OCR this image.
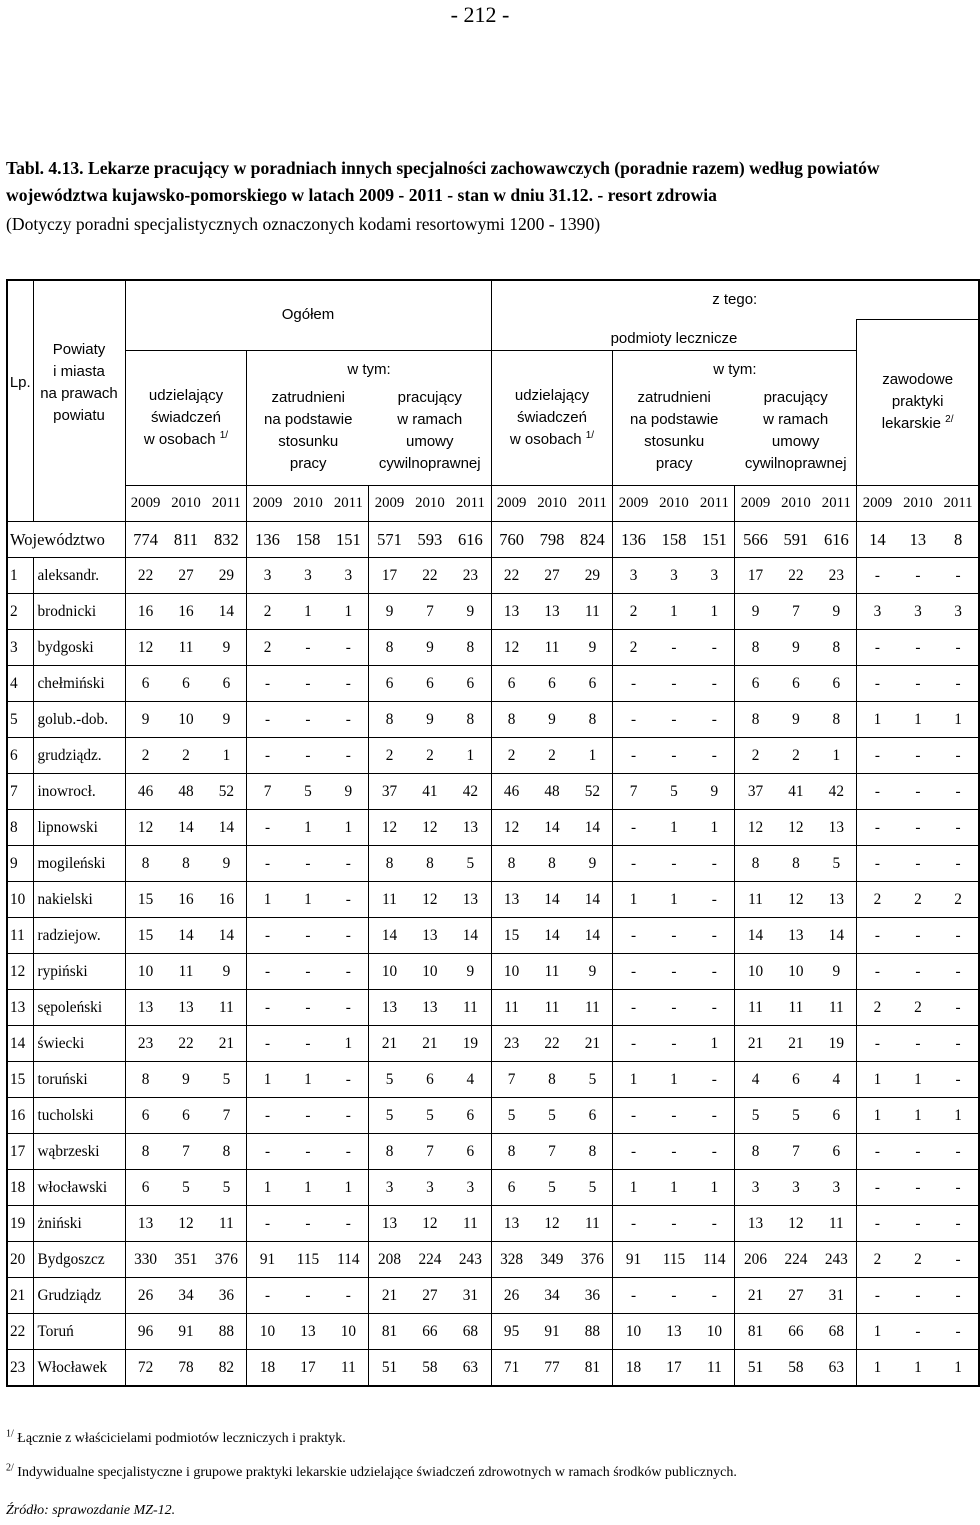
- 212 -
Tabl. 4.13. Lekarze pracujący w poradniach innych specjalności zachowawczych (poradnie razem) według powiatów województwa kujawsko-pomorskiego w latach 2009 - 2011 - stan w dniu 31.12. - resort zdrowia
(Dotyczy poradni specjalistycznych oznaczonych kodami resortowymi 1200 - 1390)
Lp.	
Powiaty
i miasta
na prawach
powiatu
	Ogółem	z tego:
podmioty lecznicze	
zawodowe
praktyki
lekarskie $^{2/}$

udzielający
świadczeń
w osobach $^{1/}$

w tym:
zatrudnieni
na podstawie
stosunku
pracy

pracujący
w ramach
umowy
cywilnoprawnej

udzielający
świadczeń
w osobach $^{1/}$

w tym:
zatrudnieni
na podstawie
stosunku
pracy

pracujący
w ramach
umowy
cywilnoprawnej

		2009	2010	2011	2009	2010	2011	2009	2010	2011	2009	2010	2011	2009	2010	2011	2009	2010	2011	2009	2010	2011
Województwo	774	811	832	136	158	151	571	593	616	760	798	824	136	158	151	566	591	616	14	13	8
1	aleksandr.	22	27	29	3	3	3	17	22	23	22	27	29	3	3	3	17	22	23	-	-	-
2	brodnicki	16	16	14	2	1	1	9	7	9	13	13	11	2	1	1	9	7	9	3	3	3
3	bydgoski	12	11	9	2	-	-	8	9	8	12	11	9	2	-	-	8	9	8	-	-	-
4	chełmiński	6	6	6	-	-	-	6	6	6	6	6	6	-	-	-	6	6	6	-	-	-
5	golub.-dob.	9	10	9	-	-	-	8	9	8	8	9	8	-	-	-	8	9	8	1	1	1
6	grudziądz.	2	2	1	-	-	-	2	2	1	2	2	1	-	-	-	2	2	1	-	-	-
7	inowrocł.	46	48	52	7	5	9	37	41	42	46	48	52	7	5	9	37	41	42	-	-	-
8	lipnowski	12	14	14	-	1	1	12	12	13	12	14	14	-	1	1	12	12	13	-	-	-
9	mogileński	8	8	9	-	-	-	8	8	5	8	8	9	-	-	-	8	8	5	-	-	-
10	nakielski	15	16	16	1	1	-	11	12	13	13	14	14	1	1	-	11	12	13	2	2	2
11	radziejow.	15	14	14	-	-	-	14	13	14	15	14	14	-	-	-	14	13	14	-	-	-
12	rypiński	10	11	9	-	-	-	10	10	9	10	11	9	-	-	-	10	10	9	-	-	-
13	sępoleński	13	13	11	-	-	-	13	13	11	11	11	11	-	-	-	11	11	11	2	2	-
14	świecki	23	22	21	-	-	1	21	21	19	23	22	21	-	-	1	21	21	19	-	-	-
15	toruński	8	9	5	1	1	-	5	6	4	7	8	5	1	1	-	4	6	4	1	1	-
16	tucholski	6	6	7	-	-	-	5	5	6	5	5	6	-	-	-	5	5	6	1	1	1
17	wąbrzeski	8	7	8	-	-	-	8	7	6	8	7	8	-	-	-	8	7	6	-	-	-
18	włocławski	6	5	5	1	1	1	3	3	3	6	5	5	1	1	1	3	3	3	-	-	-
19	żniński	13	12	11	-	-	-	13	12	11	13	12	11	-	-	-	13	12	11	-	-	-
20	Bydgoszcz	330	351	376	91	115	114	208	224	243	328	349	376	91	115	114	206	224	243	2	2	-
21	Grudziądz	26	34	36	-	-	-	21	27	31	26	34	36	-	-	-	21	27	31	-	-	-
22	Toruń	96	91	88	10	13	10	81	66	68	95	91	88	10	13	10	81	66	68	1	-	-
23	Włocławek	72	78	82	18	17	11	51	58	63	71	77	81	18	17	11	51	58	63	1	1	1
$^{1/}$ Łącznie z właścicielami podmiotów leczniczych i praktyk.
$^{2/}$ Indywidualne specjalistyczne i grupowe praktyki lekarskie udzielające świadczeń zdrowotnych w ramach środków publicznych.
Źródło: sprawozdanie MZ-12.
